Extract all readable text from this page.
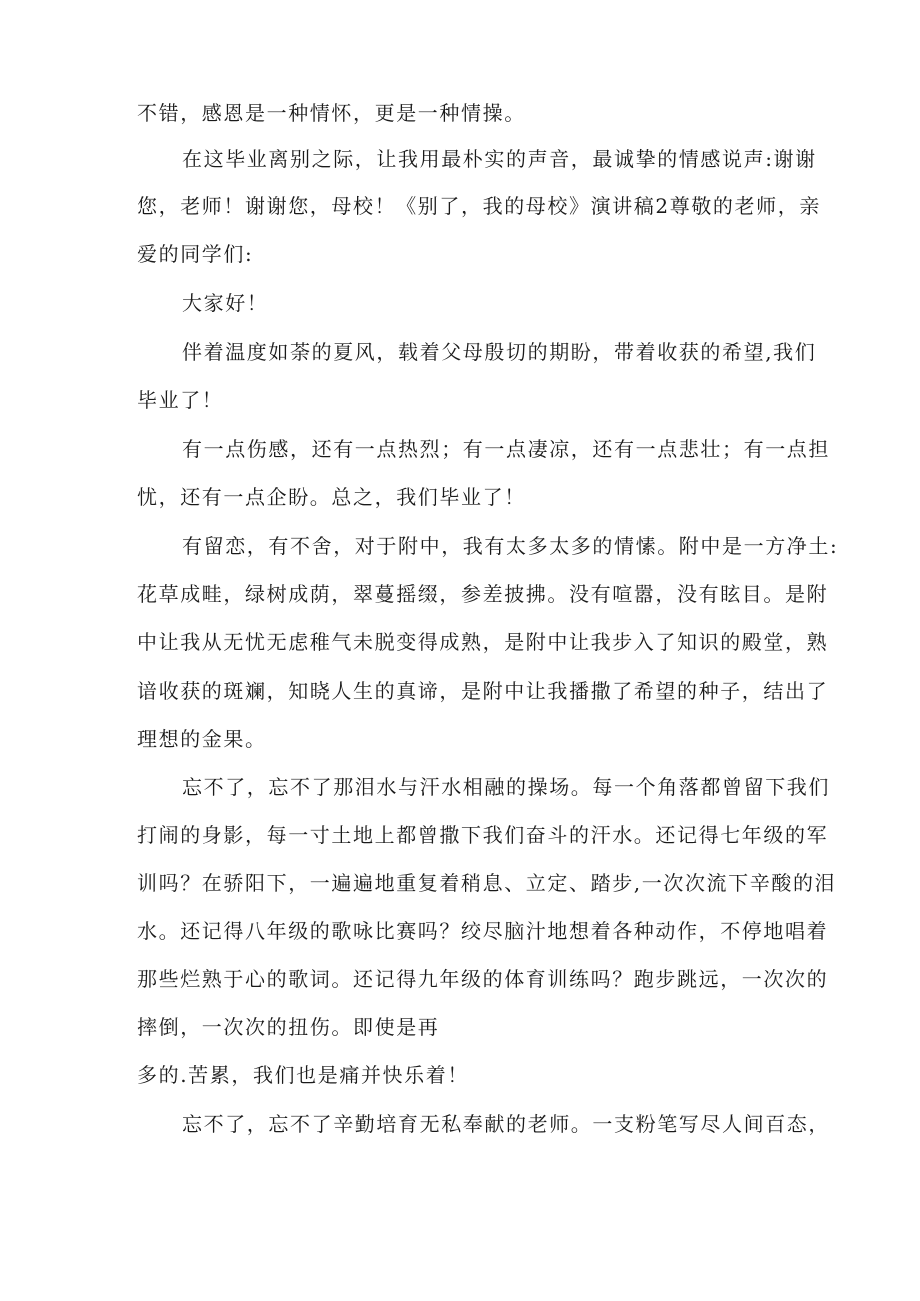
不错，感恩是一种情怀，更是一种情操。
在这毕业离别之际，让我用最朴实的声音，最诚挚的情感说声:谢谢
您，老师！谢谢您，母校！《别了，我的母校》演讲稿2尊敬的老师，亲
爱的同学们:
大家好！
伴着温度如荼的夏风，载着父母殷切的期盼，带着收获的希望,我们
毕业了！
有一点伤感，还有一点热烈；有一点凄凉，还有一点悲壮；有一点担
忧，还有一点企盼。总之，我们毕业了！
有留恋，有不舍，对于附中，我有太多太多的情愫。附中是一方净土:
花草成畦，绿树成荫，翠蔓摇缀，参差披拂。没有喧嚣，没有眩目。是附
中让我从无忧无虑稚气未脱变得成熟，是附中让我步入了知识的殿堂，熟
谙收获的斑斓，知晓人生的真谛，是附中让我播撒了希望的种子，结出了
理想的金果。
忘不了，忘不了那泪水与汗水相融的操场。每一个角落都曾留下我们
打闹的身影，每一寸土地上都曾撒下我们奋斗的汗水。还记得七年级的军
训吗？在骄阳下，一遍遍地重复着稍息、立定、踏步,一次次流下辛酸的泪
水。还记得八年级的歌咏比赛吗？绞尽脑汁地想着各种动作，不停地唱着
那些烂熟于心的歌词。还记得九年级的体育训练吗？跑步跳远，一次次的
摔倒，一次次的扭伤。即使是再
多的.苦累，我们也是痛并快乐着！
忘不了，忘不了辛勤培育无私奉献的老师。一支粉笔写尽人间百态，
